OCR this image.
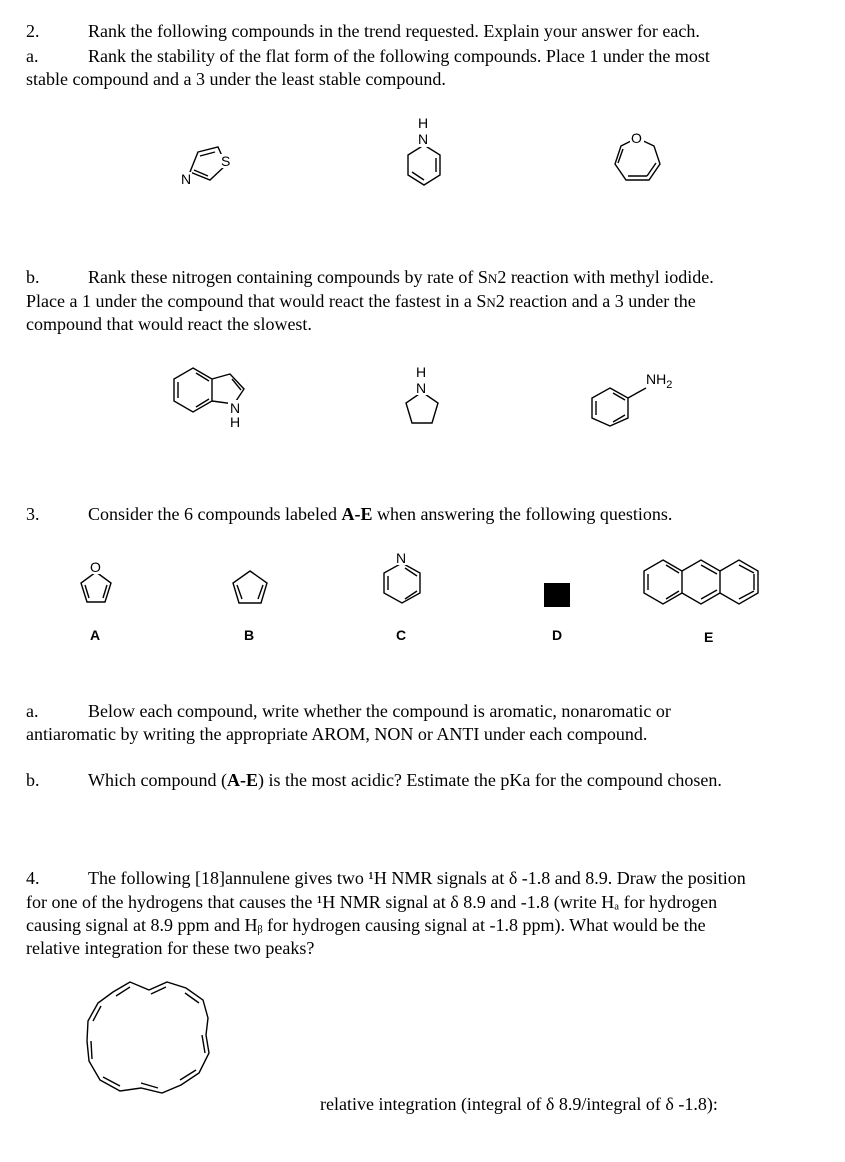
2.	Rank the following compounds in the trend requested. Explain your answer for each.
a.	Rank the stability of the flat form of the following compounds. Place 1 under the most
stable compound and a 3 under the least stable compound.
S
N
H
N	O
b.	Rank these nitrogen containing compounds by rate of SN2 reaction with methyl iodide.
Place a 1 under the compound that would react the fastest in a SN2 reaction and a 3 under the
compound that would react the slowest.
N
H
H
N
$NH_2$
3.	Consider the 6 compounds labeled A-E when answering the following questions.
O
A	B
N
C	D	E
a.	Below each compound, write whether the compound is aromatic, nonaromatic or
antiaromatic by writing the appropriate AROM, NON or ANTI under each compound.
b.	Which compound (A-E) is the most acidic? Estimate the pKa for the compound chosen.
4.	The following [18]annulene gives two ¹H NMR signals at δ -1.8 and 8.9. Draw the position
for one of the hydrogens that causes the ¹H NMR signal at δ 8.9 and -1.8 (write Hₐ for hydrogen
causing signal at 8.9 ppm and Hᵦ for hydrogen causing signal at -1.8 ppm). What would be the
relative integration for these two peaks?
relative integration (integral of δ 8.9/integral of δ -1.8):
